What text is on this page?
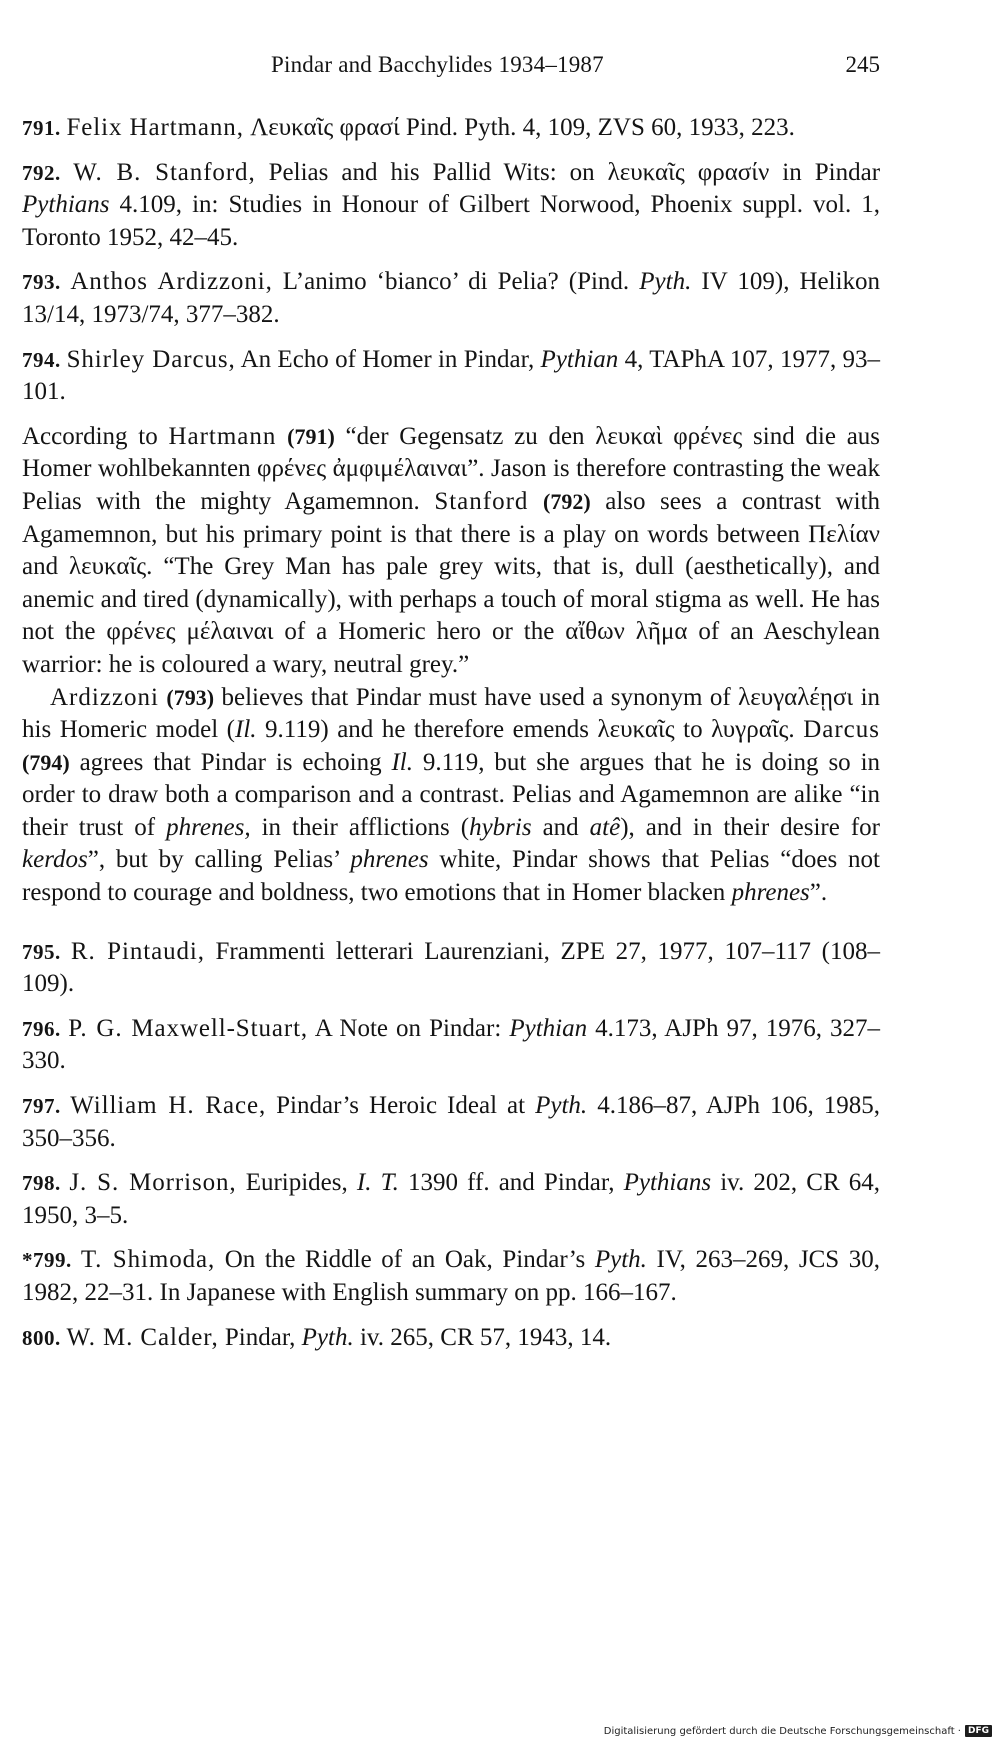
Pindar and Bacchylides 1934–1987	245

791 . Felix Hartmann, Λευκαῖς φρασί Pind. Pyth. 4, 109, ZVS 60, 1933, 223.

792 . W. B. Stanford, Pelias and his Pallid Wits: on λευκαῖς φρασίν in Pindar Pythians 4.109, in: Studies in Honour of Gilbert Norwood, Phoenix suppl. vol. 1, Toronto 1952, 42–45.

793 . Anthos Ardizzoni, L’animo ‘bianco’ di Pelia? (Pind. Pyth. IV 109), Helikon 13/14, 1973/74, 377–382.

794 . Shirley Darcus, An Echo of Homer in Pindar, Pythian 4, TAPhA 107, 1977, 93–101.

According to Hartmann (791) “der Gegensatz zu den λευκαὶ φρένες sind die aus Homer wohlbekannten φρένες ἀμφιμέλαιναι”. Jason is therefore contrasting the weak Pelias with the mighty Agamemnon. Stanford (792) also sees a contrast with Agamemnon, but his primary point is that there is a play on words between Πελίαν and λευκαῖς. “The Grey Man has pale grey wits, that is, dull (aesthetically), and anemic and tired (dynamically), with perhaps a touch of moral stigma as well. He has not the φρένες μέλαιναι of a Homeric hero or the αἴθων λῆμα of an Aeschylean warrior: he is coloured a wary, neutral grey.”

Ardizzoni (793) believes that Pindar must have used a synonym of λευγαλέῃσι in his Homeric model (Il. 9.119) and he therefore emends λευκαῖς to λυγραῖς. Darcus (794) agrees that Pindar is echoing Il. 9.119, but she argues that he is doing so in order to draw both a comparison and a contrast. Pelias and Agamemnon are alike “in their trust of phrenes, in their afflictions (hybris and atê), and in their desire for kerdos”, but by calling Pelias’ phrenes white, Pindar shows that Pelias “does not respond to courage and boldness, two emotions that in Homer blacken phrenes”.

795 . R. Pintaudi, Frammenti letterari Laurenziani, ZPE 27, 1977, 107–117 (108–109).

796 . P. G. Maxwell-Stuart, A Note on Pindar: Pythian 4.173, AJPh 97, 1976, 327–330.

797 . William H. Race, Pindar’s Heroic Ideal at Pyth. 4.186–87, AJPh 106, 1985, 350–356.

798 . J. S. Morrison, Euripides, I. T. 1390 ff. and Pindar, Pythians iv. 202, CR 64, 1950, 3–5.

*799 . T. Shimoda, On the Riddle of an Oak, Pindar’s Pyth. IV, 263–269, JCS 30, 1982, 22–31. In Japanese with English summary on pp. 166–167.

800 . W. M. Calder, Pindar, Pyth. iv. 265, CR 57, 1943, 14.

Digitalisierung gefördert durch die Deutsche Forschungsgemeinschaft · DFG
